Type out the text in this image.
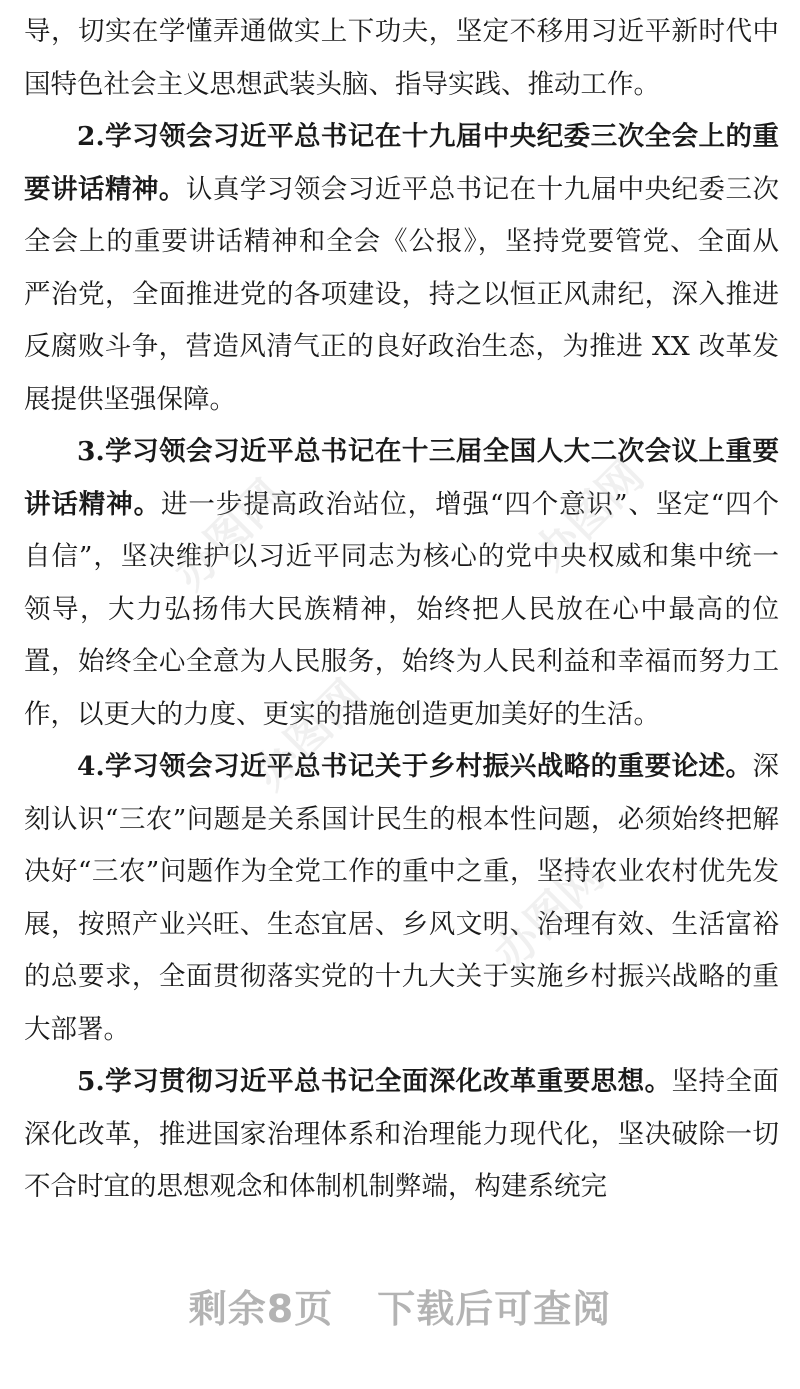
导，切实在学懂弄通做实上下功夫，坚定不移用习近平新时代中国特色社会主义思想武装头脑、指导实践、推动工作。

2.学习领会习近平总书记在十九届中央纪委三次全会上的重要讲话精神。认真学习领会习近平总书记在十九届中央纪委三次全会上的重要讲话精神和全会《公报》，坚持党要管党、全面从严治党，全面推进党的各项建设，持之以恒正风肃纪，深入推进反腐败斗争，营造风清气正的良好政治生态，为推进 XX 改革发展提供坚强保障。

3.学习领会习近平总书记在十三届全国人大二次会议上重要讲话精神。进一步提高政治站位，增强“四个意识”、坚定“四个自信”，坚决维护以习近平同志为核心的党中央权威和集中统一领导，大力弘扬伟大民族精神，始终把人民放在心中最高的位置，始终全心全意为人民服务，始终为人民利益和幸福而努力工作，以更大的力度、更实的措施创造更加美好的生活。

4.学习领会习近平总书记关于乡村振兴战略的重要论述。深刻认识“三农”问题是关系国计民生的根本性问题，必须始终把解决好“三农”问题作为全党工作的重中之重，坚持农业农村优先发展，按照产业兴旺、生态宜居、乡风文明、治理有效、生活富裕的总要求，全面贯彻落实党的十九大关于实施乡村振兴战略的重大部署。

5.学习贯彻习近平总书记全面深化改革重要思想。坚持全面深化改革，推进国家治理体系和治理能力现代化，坚决破除一切不合时宜的思想观念和体制机制弊端，构建系统完

办图网	办图网
办图网
办图网
剩余8页 下载后可查阅
